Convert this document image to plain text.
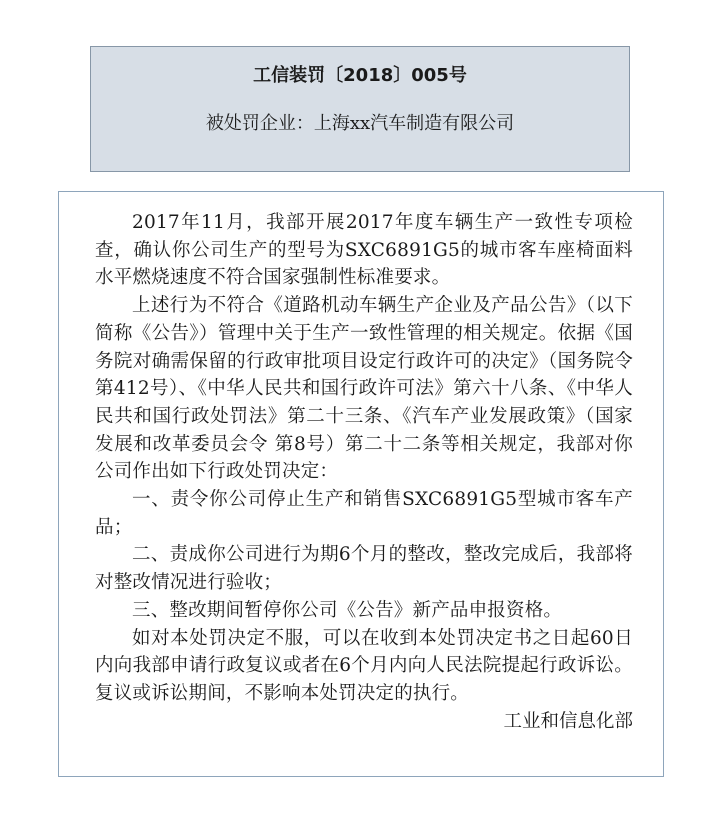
工信装罚〔2018〕005号
被处罚企业：上海xx汽车制造有限公司

2017年11月，我部开展2017年度车辆生产一致性专项检查，确认你公司生产的型号为SXC6891G5的城市客车座椅面料水平燃烧速度不符合国家强制性标准要求。

上述行为不符合《道路机动车辆生产企业及产品公告》（以下简称《公告》）管理中关于生产一致性管理的相关规定。依据《国务院对确需保留的行政审批项目设定行政许可的决定》（国务院令 第412号）、《中华人民共和国行政许可法》第六十八条、《中华人民共和国行政处罚法》第二十三条、《汽车产业发展政策》（国家发展和改革委员会令 第8号）第二十二条等相关规定，我部对你公司作出如下行政处罚决定：

一、责令你公司停止生产和销售SXC6891G5型城市客车产品；

二、责成你公司进行为期6个月的整改，整改完成后，我部将对整改情况进行验收；

三、整改期间暂停你公司《公告》新产品申报资格。

如对本处罚决定不服，可以在收到本处罚决定书之日起60日内向我部申请行政复议或者在6个月内向人民法院提起行政诉讼。复议或诉讼期间，不影响本处罚决定的执行。

工业和信息化部
